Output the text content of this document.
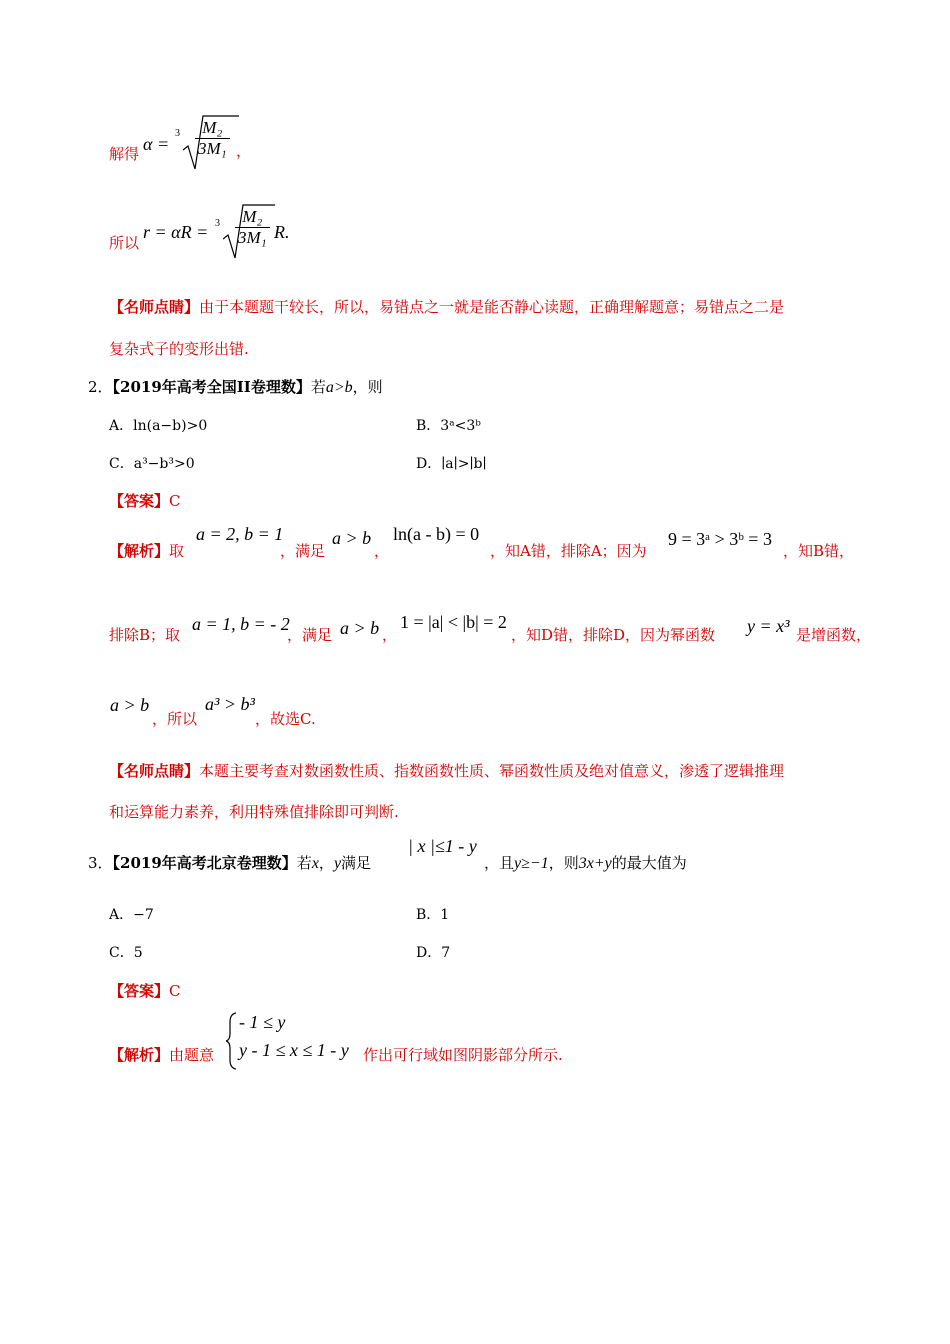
解得 α =
$3 \frac{\text{M₂}}{\text{3M₁}}$ ，
所以
$r = \alpha R = 3 \frac{\text{M₂}}{\text{3M₁}} R$.
【名师点睛】由于本题题干较长，所以，易错点之一就是能否静心读题，正确理解题意；易错点之二是
复杂式子的变形出错.
2．【2019年高考全国II卷理数】若a>b，则
A．ln(a−b)>0	B．3ᵃ<3ᵇ
C．a³−b³>0	D．∣a∣>∣b∣
【答案】C
【解析】取
a = 2, b = 1
，满足
a > b
，
ln(a - b) = 0
，知A错，排除A；因为
9 = 3ᵃ > 3ᵇ = 3
，知B错，
排除B；取
a = 1, b = - 2
，满足 a > b ，
1 = |a| < |b| = 2
，知D错，排除D，因为幂函数 y = x³ 是增函数，
a > b
，所以
a³ > b³
，故选C.
【名师点睛】本题主要考查对数函数性质、指数函数性质、幂函数性质及绝对值意义，渗透了逻辑推理
和运算能力素养，利用特殊值排除即可判断.
3．【2019年高考北京卷理数】若x，y满足
| x |≤1 - y
，且y≥−1，则3x+y的最大值为
A．−7	B．1
C．5	D．7
【答案】C
【解析】由题意
- 1 ≤ y
y - 1 ≤ x ≤ 1 - y 作出可行域如图阴影部分所示.
